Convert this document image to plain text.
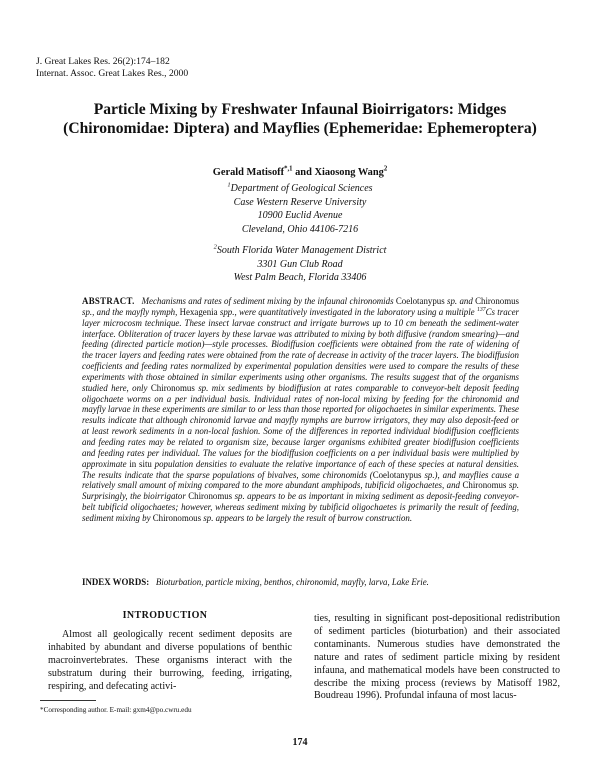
J. Great Lakes Res. 26(2):174–182
Internat. Assoc. Great Lakes Res., 2000
Particle Mixing by Freshwater Infaunal Bioirrigators: Midges (Chironomidae: Diptera) and Mayflies (Ephemeridae: Ephemeroptera)
Gerald Matisoff$^{*,1}$ and Xiaosong Wang$^2$
$^1$Department of Geological Sciences
Case Western Reserve University
10900 Euclid Avenue
Cleveland, Ohio 44106-7216
$^2$South Florida Water Management District
3301 Gun Club Road
West Palm Beach, Florida 33406
ABSTRACT. Mechanisms and rates of sediment mixing by the infaunal chironomids Coelotanypus sp. and Chironomus sp., and the mayfly nymph, Hexagenia spp., were quantitatively investigated in the laboratory using a multiple $^{137}$Cs tracer layer microcosm technique. These insect larvae construct and irrigate burrows up to 10 cm beneath the sediment-water interface. Obliteration of tracer layers by these larvae was attributed to mixing by both diffusive (random smearing)—and feeding (directed particle motion)—style processes. Biodiffusion coefficients were obtained from the rate of widening of the tracer layers and feeding rates were obtained from the rate of decrease in activity of the tracer layers. The biodiffusion coefficients and feeding rates normalized by experimental population densities were used to compare the results of these experiments with those obtained in similar experiments using other organisms. The results suggest that of the organisms studied here, only Chironomus sp. mix sediments by biodiffusion at rates comparable to conveyor-belt deposit feeding oligochaete worms on a per individual basis. Individual rates of non-local mixing by feeding for the chironomid and mayfly larvae in these experiments are similar to or less than those reported for oligochaetes in similar experiments. These results indicate that although chironomid larvae and mayfly nymphs are burrow irrigators, they may also deposit-feed or at least rework sediments in a non-local fashion. Some of the differences in reported individual biodiffusion coefficients and feeding rates may be related to organism size, because larger organisms exhibited greater biodiffusion coefficients and feeding rates per individual. The values for the biodiffusion coefficients on a per individual basis were multiplied by approximate in situ population densities to evaluate the relative importance of each of these species at natural densities. The results indicate that the sparse populations of bivalves, some chironomids (Coelotanypus sp.), and mayflies cause a relatively small amount of mixing compared to the more abundant amphipods, tubificid oligochaetes, and Chironomus sp. Surprisingly, the bioirrigator Chironomus sp. appears to be as important in mixing sediment as deposit-feeding conveyor-belt tubificid oligochaetes; however, whereas sediment mixing by tubificid oligochaetes is primarily the result of feeding, sediment mixing by Chironomous sp. appears to be largely the result of burrow construction.
INDEX WORDS: Bioturbation, particle mixing, benthos, chironomid, mayfly, larva, Lake Erie.
INTRODUCTION
Almost all geologically recent sediment deposits are inhabited by abundant and diverse populations of benthic macroinvertebrates. These organisms interact with the substratum during their burrowing, feeding, irrigating, respiring, and defecating activi-
ties, resulting in significant post-depositional redistribution of sediment particles (bioturbation) and their associated contaminants. Numerous studies have demonstrated the nature and rates of sediment particle mixing by resident infauna, and mathematical models have been constructed to describe the mixing process (reviews by Matisoff 1982, Boudreau 1996). Profundal infauna of most lacus-
*Corresponding author. E-mail: gxm4@po.cwru.edu
174
